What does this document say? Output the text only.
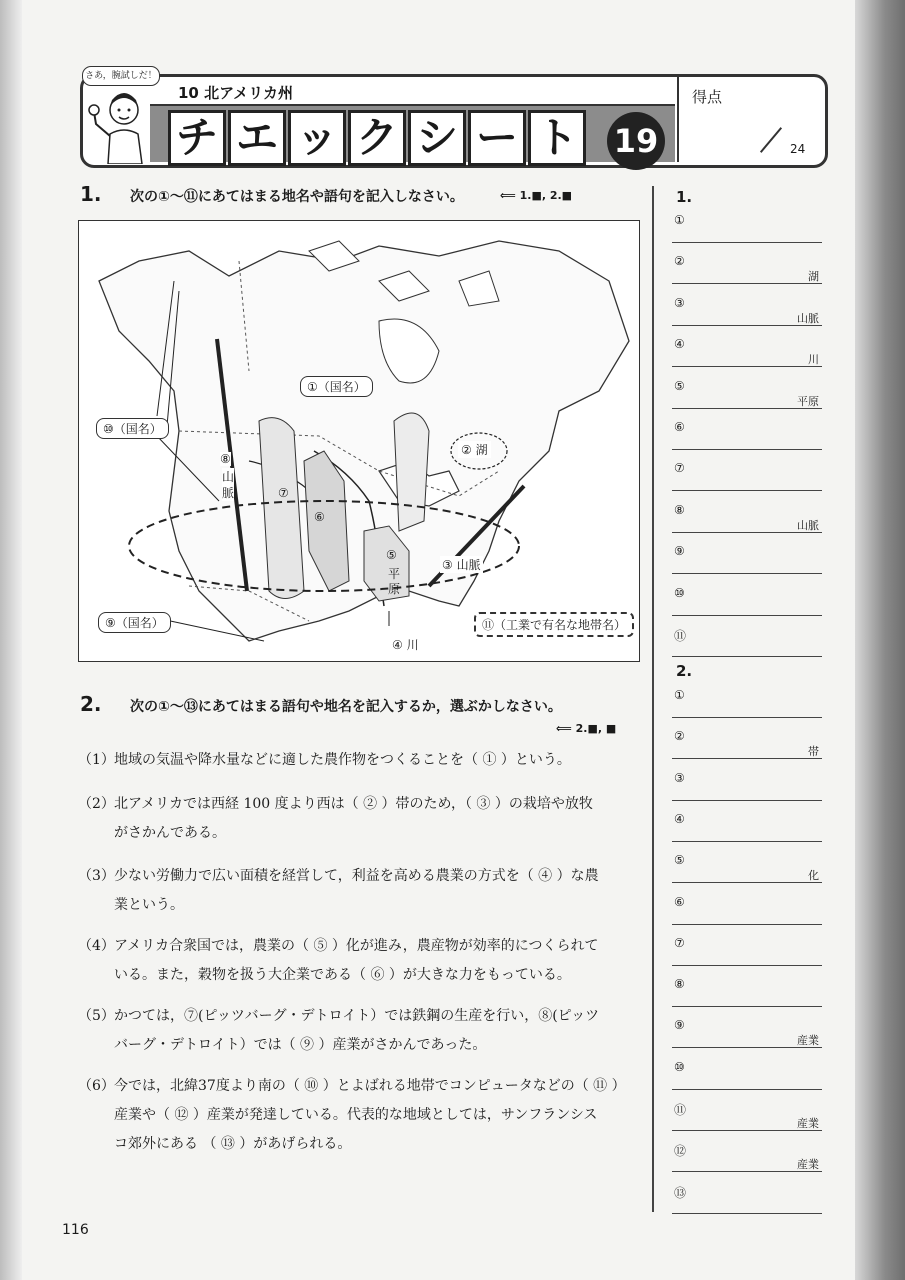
10 北アメリカ州
チ エ ッ ク シ ー ト 19
得点
24
さあ，腕試しだ！
1. 次の①〜⑪にあてはまる地名や語句を記入しなさい。	⟸ 1.■, 2.■
①（国名）
② 湖
③ 山脈
④ 川
⑤
平
原
⑥
⑦
⑧
山
脈
⑨（国名）
⑩（国名）
⑪（工業で有名な地帯名）
2. 次の①〜⑬にあてはまる語句や地名を記入するか，選ぶかしなさい。
⟸ 2.■, ■
（1） 地域の気温や降水量などに適した農作物をつくることを（ ① ）という。
（2） 北アメリカでは西経 100 度より西は（ ② ）帯のため，（ ③ ）の栽培や放牧
がさかんである。
（3） 少ない労働力で広い面積を経営して，利益を高める農業の方式を（ ④ ）な農
業という。
（4） アメリカ合衆国では，農業の（ ⑤ ）化が進み，農産物が効率的につくられて
いる。また，穀物を扱う大企業である（ ⑥ ）が大きな力をもっている。
（5） かつては，⑦(ピッツバーグ・デトロイト）では鉄鋼の生産を行い，⑧(ピッツ
バーグ・デトロイト）では（ ⑨ ）産業がさかんであった。
（6） 今では，北緯37度より南の（ ⑩ ）とよばれる地帯でコンピュータなどの（ ⑪ ）
産業や（ ⑫ ）産業が発達している。代表的な地域としては，サンフランシス
コ郊外にある （ ⑬ ）があげられる。
1.
2.
①
②
湖
③
山脈
④
川
⑤
平原
⑥
⑦
⑧
山脈
⑨
⑩
⑪
①
②
帯
③
④
⑤
化
⑥
⑦
⑧
⑨
産業
⑩
⑪
産業
⑫
産業
⑬
116
